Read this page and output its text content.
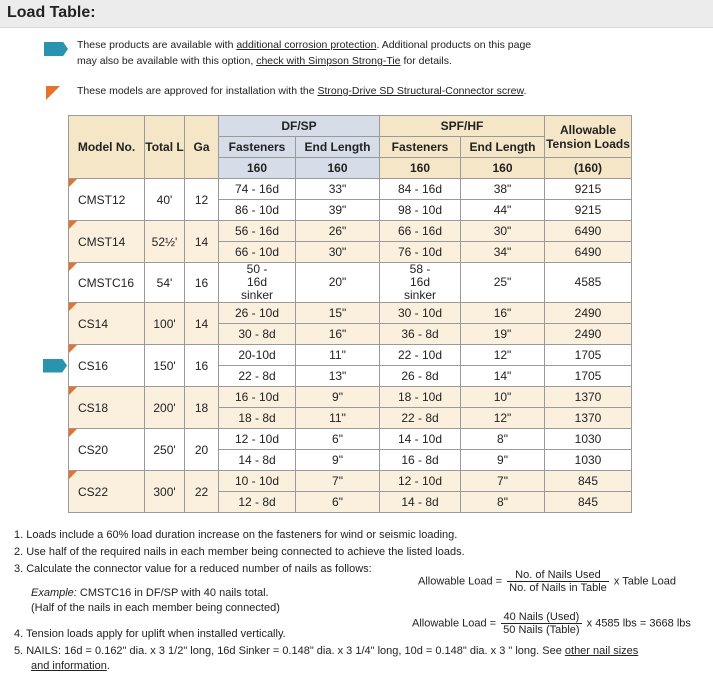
Load Table:
These products are available with additional corrosion protection. Additional products on this page
may also be available with this option, check with Simpson Strong-Tie for details.
These models are approved for installation with the Strong-Drive SD Structural-Connector screw.
Model No.	Total L	Ga	DF/SP		SPF/HF		Allowable Tension Loads
			Fasteners	End Length	Fasteners	End Length	
			160	160	160	160	(160)

CMST12	40'	12	74 - 16d	33"	84 - 16d	38"	9215
			86 - 10d	39"	98 - 10d	44"	9215

CMST14	52½'	14	56 - 16d	26"	66 - 16d	30"	6490
			66 - 10d	30"	76 - 10d	34"	6490

CMSTC16	54'	16	50 - 16d sinker	20"	58 - 16d sinker	25"	4585

CS14	100'	14	26 - 10d	15"	30 - 10d	16"	2490
			30 - 8d	16"	36 - 8d	19"	2490

CS16	150'	16	20-10d	11"	22 - 10d	12"	1705
			22 - 8d	13"	26 - 8d	14"	1705

CS18	200'	18	16 - 10d	9"	18 - 10d	10"	1370
			18 - 8d	11"	22 - 8d	12"	1370

CS20	250'	20	12 - 10d	6"	14 - 10d	8"	1030
			14 - 8d	9"	16 - 8d	9"	1030

CS22	300'	22	10 - 10d	7"	12 - 10d	7"	845
			12 - 8d	6"	14 - 8d	8"	845
1. Loads include a 60% load duration increase on the fasteners for wind or seismic loading.
2. Use half of the required nails in each member being connected to achieve the listed loads.
3. Calculate the connector value for a reduced number of nails as follows:
Example: CMSTC16 in DF/SP with 40 nails total.
(Half of the nails in each member being connected)
4. Tension loads apply for uplift when installed vertically.
5. NAILS: 16d = 0.162" dia. x 3 1/2" long, 16d Sinker = 0.148" dia. x 3 1/4" long, 10d = 0.148" dia. x 3 " long. See other nail sizes
and information.
Allowable Load = $\frac{\text{No. of Nails Used}}{\text{No. of Nails in Table}}$ x Table Load
Allowable Load = $\frac{\text{40 Nails (Used)}}{\text{50 Nails (Table)}}$ x 4585 lbs = 3668 lbs
